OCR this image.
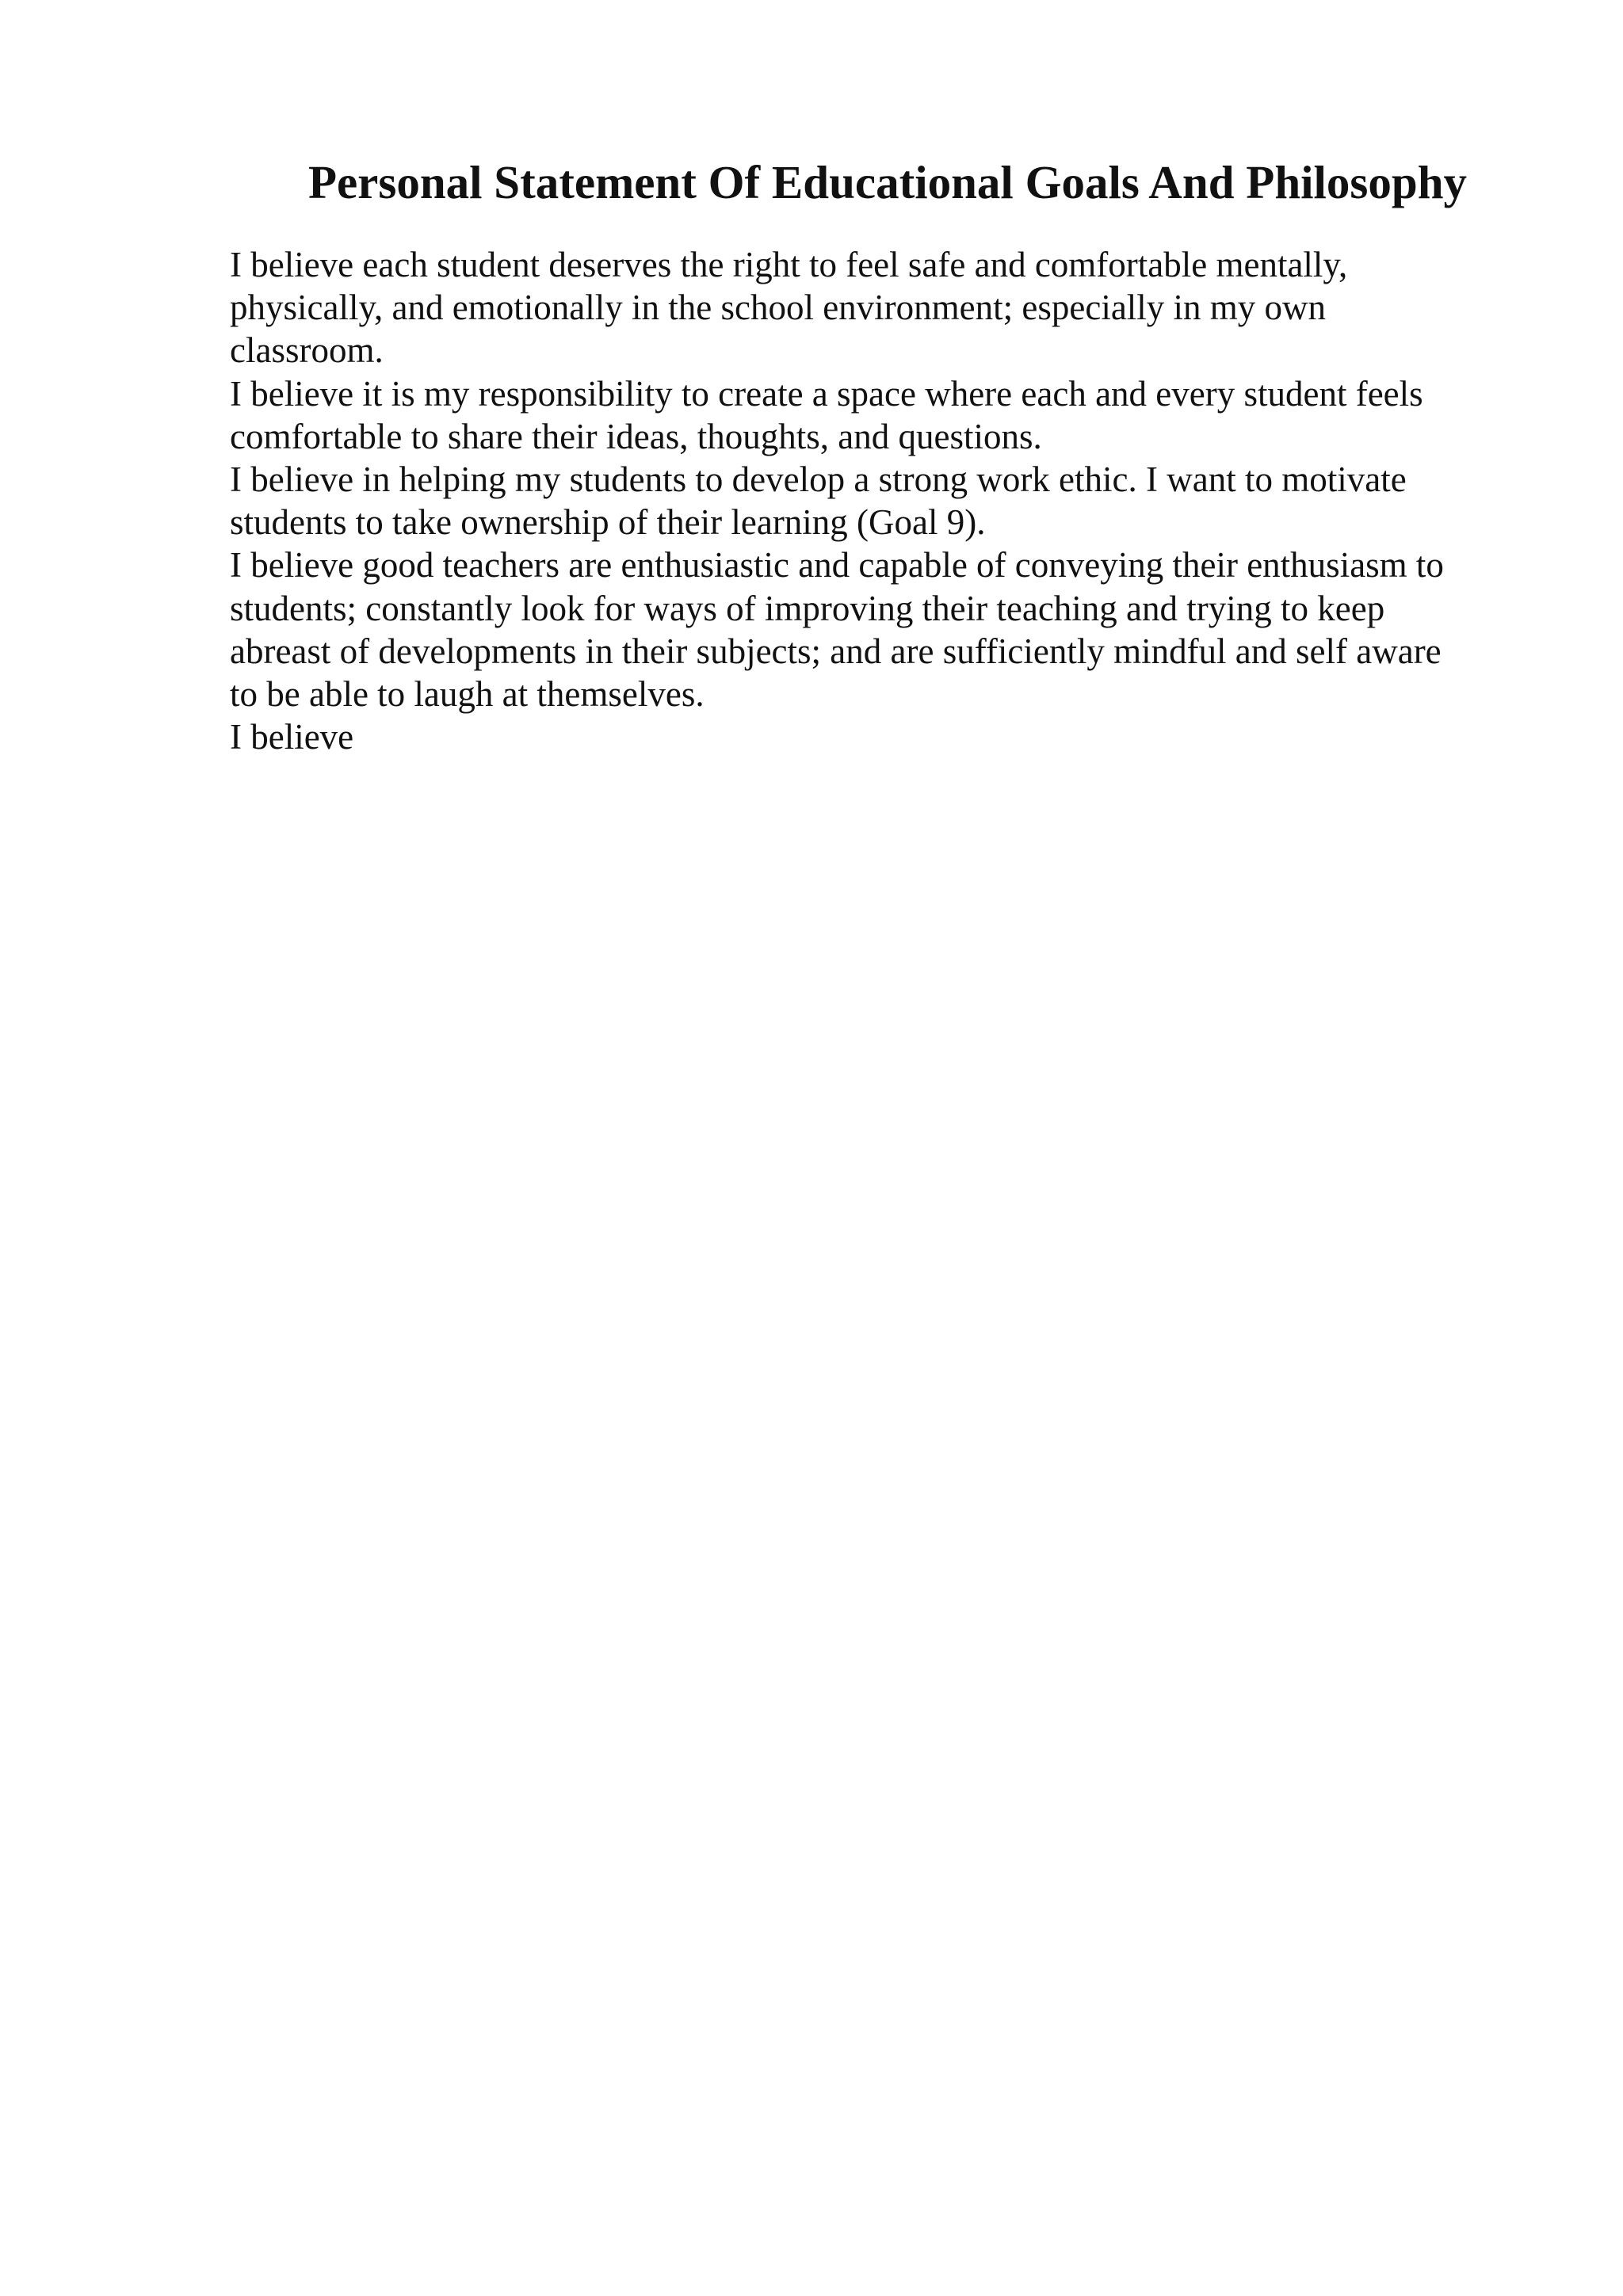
Personal Statement Of Educational Goals And Philosophy
I believe each student deserves the right to feel safe and comfortable mentally,
physically, and emotionally in the school environment; especially in my own
classroom.
I believe it is my responsibility to create a space where each and every student feels
comfortable to share their ideas, thoughts, and questions.
I believe in helping my students to develop a strong work ethic. I want to motivate
students to take ownership of their learning (Goal 9).
I believe good teachers are enthusiastic and capable of conveying their enthusiasm to
students; constantly look for ways of improving their teaching and trying to keep
abreast of developments in their subjects; and are sufficiently mindful and self aware
to be able to laugh at themselves.
I believe
